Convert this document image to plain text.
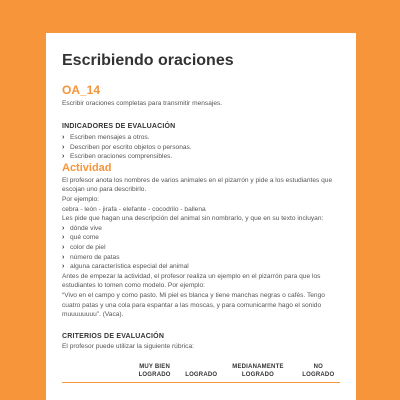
Escribiendo oraciones
OA_14

Escribir oraciones completas para transmitir mensajes.

INDICADORES DE EVALUACIÓN
› Escriben mensajes a otros.
› Describen por escrito objetos o personas.
› Escriben oraciones comprensibles.
Actividad

El profesor anota los nombres de varios animales en el pizarrón y pide a los estudiantes que escojan uno para describirlo.

Por ejemplo:

cebra - león - jirafa - elefante - cocodrilo - ballena

Les pide que hagan una descripción del animal sin nombrarlo, y que en su texto incluyan:

› dónde vive
› qué come
› color de piel
› número de patas
› alguna característica especial del animal

Antes de empezar la actividad, el profesor realiza un ejemplo en el pizarrón para que los estudiantes lo tomen como modelo. Por ejemplo:

“Vivo en el campo y como pasto. Mi piel es blanca y tiene manchas negras o cafés. Tengo cuatro patas y una cola para espantar a las moscas, y para comunicarme hago el sonido muuuuuuuu”. (Vaca).

CRITERIOS DE EVALUACIÓN

El profesor puede utilizar la siguiente rúbrica:

	MUY BIEN LOGRADO	LOGRADO	MEDIANAMENTE LOGRADO	NO LOGRADO
